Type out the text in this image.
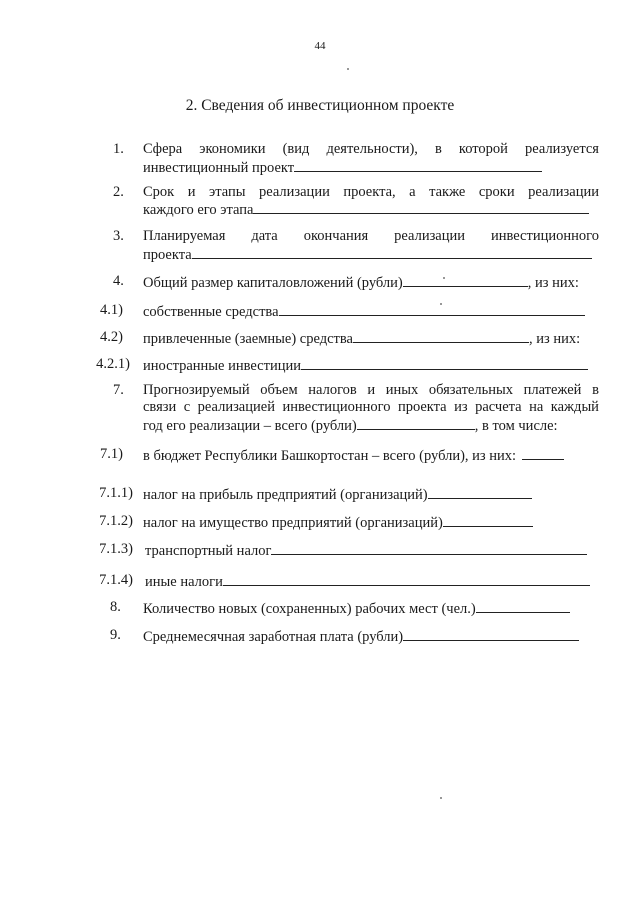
44
2. Сведения об инвестиционном проекте
1. Сфера экономики (вид деятельности), в которой реализуется
инвестиционный проект
2. Срок и этапы реализации проекта, а также сроки реализации
каждого его этапа
3. Планируемая дата окончания реализации инвестиционного
проекта
4. Общий размер капиталовложений (рубли)	, из них:
4.1) собственные средства
4.2) привлеченные (заемные) средства	, из них:
4.2.1) иностранные инвестиции
7. Прогнозируемый объем налогов и иных обязательных платежей в
связи с реализацией инвестиционного проекта из расчета на каждый
год его реализации – всего (рубли)	, в том числе:
7.1) в бюджет Республики Башкортостан – всего (рубли), из них:
7.1.1) налог на прибыль предприятий (организаций)
7.1.2) налог на имущество предприятий (организаций)
7.1.3) транспортный налог
7.1.4) иные налоги
8. Количество новых (сохраненных) рабочих мест (чел.)
9. Среднемесячная заработная плата (рубли)
